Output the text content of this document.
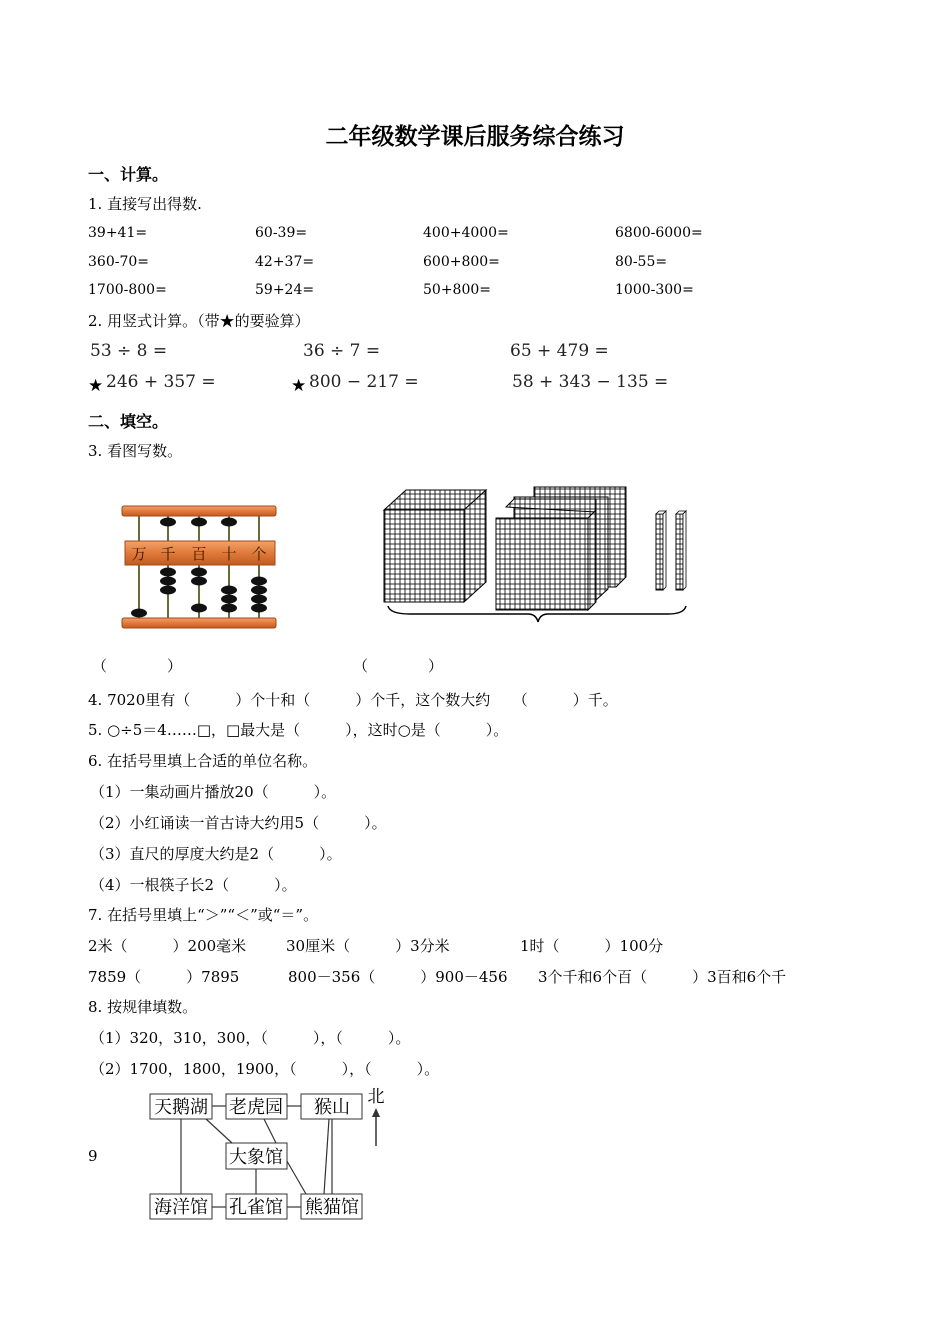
二年级数学课后服务综合练习
一、计算。
1. 直接写出得数.
39+41=	60-39=	400+4000=	6800-6000=
360-70=	42+37=	600+800=	80-55=
1700-800=	59+24=	50+800=	1000-300=
2. 用竖式计算。（带★的要验算）
53 ÷ 8 =	36 ÷ 7 =	65 + 479 =
★ 246 + 357 =	★ 800 − 217 =	58 + 343 − 135 =
二、填空。
3. 看图写数。
万 千 百 十 个
（　　　　）	（　　　　）
4. 7020里有（　　　）个十和（　　　）个千，这个数大约　　（　　　）千。
5. ○÷5＝4……□，□最大是（　　　），这时○是（　　　）。
6. 在括号里填上合适的单位名称。
（1）一集动画片播放20（　　　）。
（2）小红诵读一首古诗大约用5（　　　）。
（3）直尺的厚度大约是2（　　　）。
（4）一根筷子长2（　　　）。
7. 在括号里填上“＞”“＜”或“＝”。
2米（　　　）200毫米	30厘米（　　　）3分米	1时（　　　）100分
7859（　　　）7895	800－356（　　　）900－456 3个千和6个百（　　　）3百和6个千
8. 按规律填数。
（1）320，310，300，（　　　），（　　　）。
（2）1700，1800，1900，（　　　），（　　　）。
9
天鹅湖 老虎园 猴山
大象馆
海洋馆 孔雀馆 熊猫馆
北
